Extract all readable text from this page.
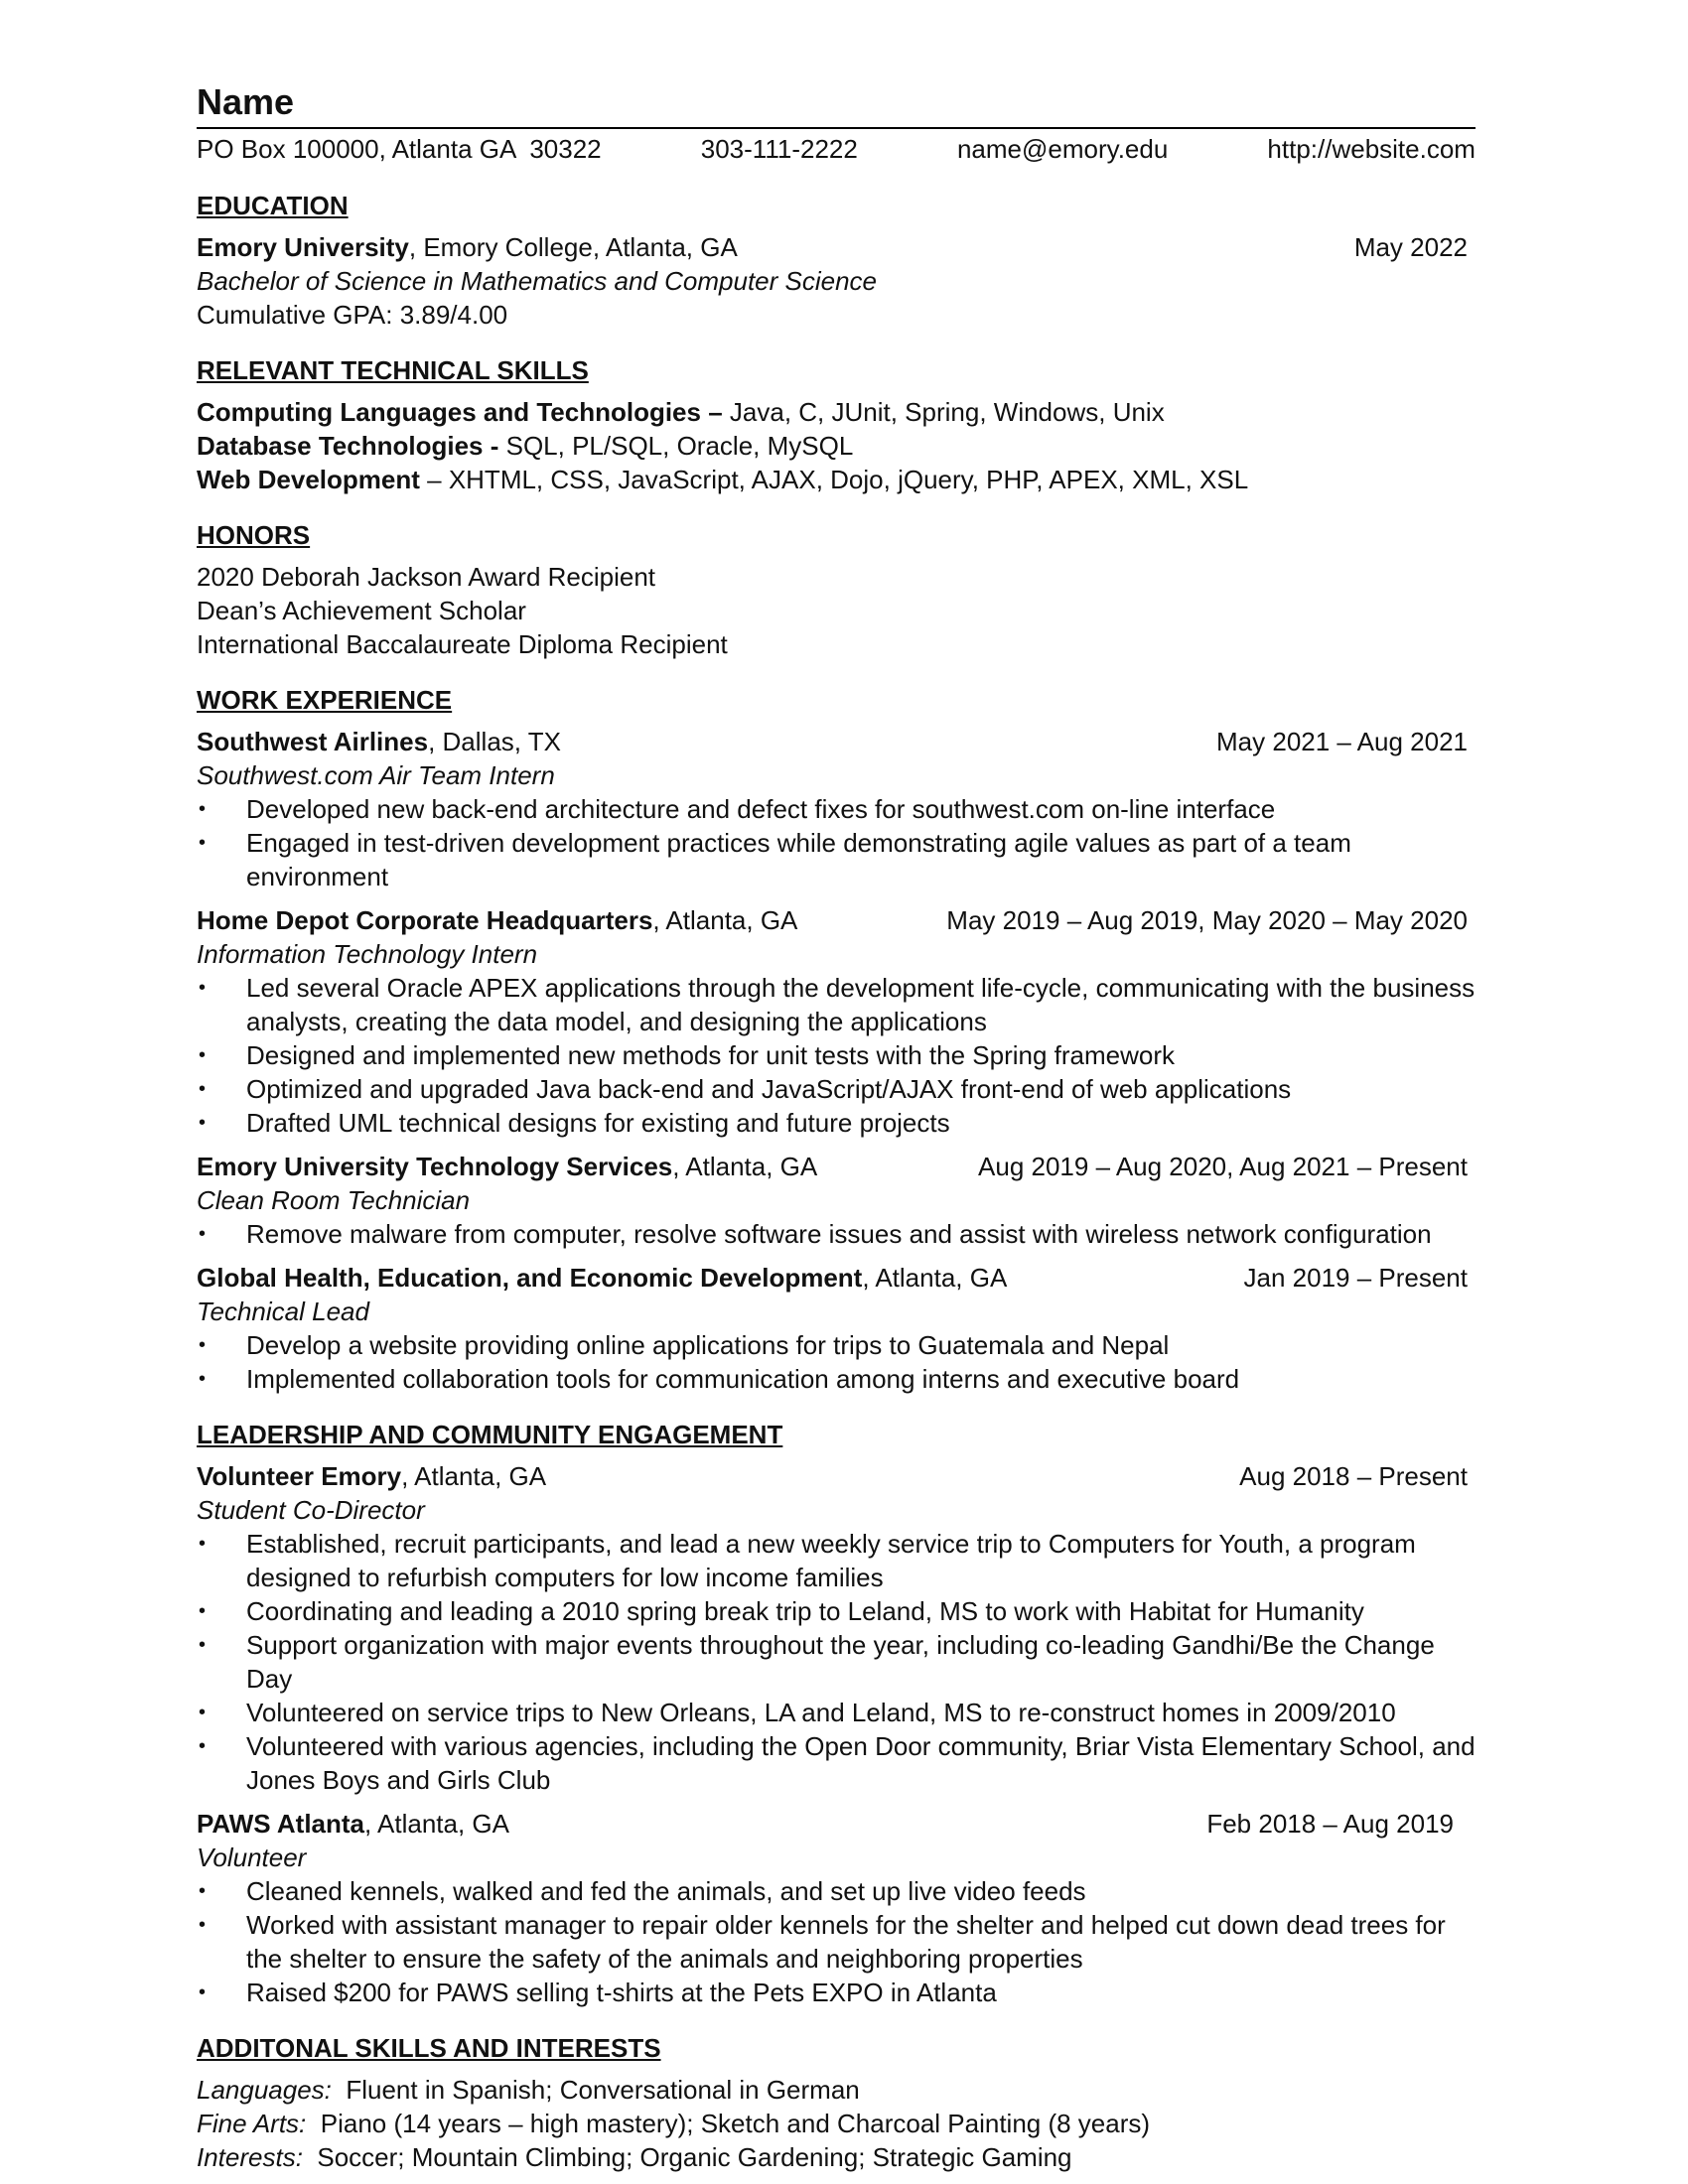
Name
PO Box 100000, Atlanta GA  30322	303-111-2222	name@emory.edu	http://website.com
EDUCATION
Emory University, Emory College, Atlanta, GA	May 2022
Bachelor of Science in Mathematics and Computer Science
Cumulative GPA: 3.89/4.00
RELEVANT TECHNICAL SKILLS
Computing Languages and Technologies – Java, C, JUnit, Spring, Windows, Unix
Database Technologies - SQL, PL/SQL, Oracle, MySQL
Web Development – XHTML, CSS, JavaScript, AJAX, Dojo, jQuery, PHP, APEX, XML, XSL
HONORS
2020 Deborah Jackson Award Recipient
Dean’s Achievement Scholar
International Baccalaureate Diploma Recipient
WORK EXPERIENCE
Southwest Airlines, Dallas, TX	May 2021 – Aug 2021
Southwest.com Air Team Intern
• Developed new back-end architecture and defect fixes for southwest.com on-line interface
• Engaged in test-driven development practices while demonstrating agile values as part of a team environment
Home Depot Corporate Headquarters, Atlanta, GA	May 2019 – Aug 2019, May 2020 – May 2020
Information Technology Intern
• Led several Oracle APEX applications through the development life-cycle, communicating with the business analysts, creating the data model, and designing the applications
• Designed and implemented new methods for unit tests with the Spring framework
• Optimized and upgraded Java back-end and JavaScript/AJAX front-end of web applications
• Drafted UML technical designs for existing and future projects
Emory University Technology Services, Atlanta, GA	Aug 2019 – Aug 2020, Aug 2021 – Present
Clean Room Technician
• Remove malware from computer, resolve software issues and assist with wireless network configuration
Global Health, Education, and Economic Development, Atlanta, GA	Jan 2019 – Present
Technical Lead
• Develop a website providing online applications for trips to Guatemala and Nepal
• Implemented collaboration tools for communication among interns and executive board
LEADERSHIP AND COMMUNITY ENGAGEMENT
Volunteer Emory, Atlanta, GA	Aug 2018 – Present
Student Co-Director
• Established, recruit participants, and lead a new weekly service trip to Computers for Youth, a program designed to refurbish computers for low income families
• Coordinating and leading a 2010 spring break trip to Leland, MS to work with Habitat for Humanity
• Support organization with major events throughout the year, including co-leading Gandhi/Be the Change Day
• Volunteered on service trips to New Orleans, LA and Leland, MS to re-construct homes in 2009/2010
• Volunteered with various agencies, including the Open Door community, Briar Vista Elementary School, and Jones Boys and Girls Club
PAWS Atlanta, Atlanta, GA	Feb 2018 – Aug 2019
Volunteer
• Cleaned kennels, walked and fed the animals, and set up live video feeds
• Worked with assistant manager to repair older kennels for the shelter and helped cut down dead trees for the shelter to ensure the safety of the animals and neighboring properties
• Raised $200 for PAWS selling t-shirts at the Pets EXPO in Atlanta
ADDITONAL SKILLS AND INTERESTS
Languages:  Fluent in Spanish; Conversational in German
Fine Arts:  Piano (14 years – high mastery); Sketch and Charcoal Painting (8 years)
Interests:  Soccer; Mountain Climbing; Organic Gardening; Strategic Gaming
